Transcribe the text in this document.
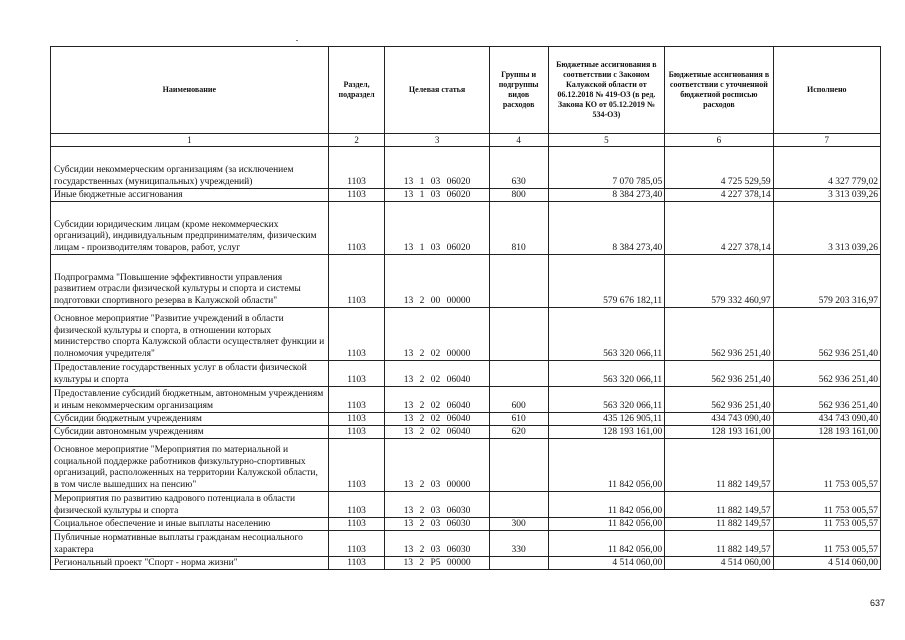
Наименование	Раздел, подраздел	Целевая статья	Группы и подгруппы видов расходов	Бюджетные ассигнования в соответствии с Законом Калужской области от 06.12.2018 № 419-ОЗ (в ред. Закона КО от 05.12.2019 № 534-ОЗ)	Бюджетные ассигнования в соответствии с уточненной бюджетной росписью расходов	Исполнено
1	2	3	4	5	6	7
Субсидии некоммерческим организациям (за исключением государственных (муниципальных) учреждений)	1103	13 1 03 06020	630	7 070 785,05	4 725 529,59	4 327 779,02
Иные бюджетные ассигнования	1103	13 1 03 06020	800	8 384 273,40	4 227 378,14	3 313 039,26
Субсидии юридическим лицам (кроме некоммерческих организаций), индивидуальным предпринимателям, физическим лицам - производителям товаров, работ, услуг	1103	13 1 03 06020	810	8 384 273,40	4 227 378,14	3 313 039,26
Подпрограмма "Повышение эффективности управления развитием отрасли физической культуры и спорта и системы подготовки спортивного резерва в Калужской области"	1103	13 2 00 00000		579 676 182,11	579 332 460,97	579 203 316,97
Основное мероприятие "Развитие учреждений в области физической культуры и спорта, в отношении которых министерство спорта Калужской области осуществляет функции и полномочия учредителя"	1103	13 2 02 00000		563 320 066,11	562 936 251,40	562 936 251,40
Предоставление государственных услуг в области физической культуры и спорта	1103	13 2 02 06040		563 320 066,11	562 936 251,40	562 936 251,40
Предоставление субсидий бюджетным, автономным учреждениям и иным некоммерческим организациям	1103	13 2 02 06040	600	563 320 066,11	562 936 251,40	562 936 251,40
Субсидии бюджетным учреждениям	1103	13 2 02 06040	610	435 126 905,11	434 743 090,40	434 743 090,40
Субсидии автономным учреждениям	1103	13 2 02 06040	620	128 193 161,00	128 193 161,00	128 193 161,00
Основное мероприятие "Мероприятия по материальной и социальной поддержке работников физкультурно-спортивных организаций, расположенных на территории Калужской области, в том числе вышедших на пенсию"	1103	13 2 03 00000		11 842 056,00	11 882 149,57	11 753 005,57
Мероприятия по развитию кадрового потенциала в области физической культуры и спорта	1103	13 2 03 06030		11 842 056,00	11 882 149,57	11 753 005,57
Социальное обеспечение и иные выплаты населению	1103	13 2 03 06030	300	11 842 056,00	11 882 149,57	11 753 005,57
Публичные нормативные выплаты гражданам несоциального характера	1103	13 2 03 06030	330	11 842 056,00	11 882 149,57	11 753 005,57
Региональный проект "Спорт - норма жизни"	1103	13 2 P5 00000		4 514 060,00	4 514 060,00	4 514 060,00
637
